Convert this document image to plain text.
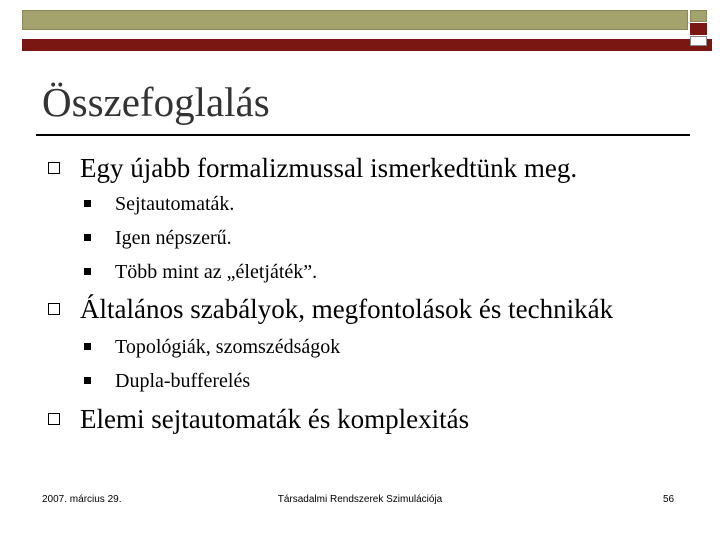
Összefoglalás
Egy újabb formalizmussal ismerkedtünk meg.
Sejtautomaták.
Igen népszerű.
Több mint az „életjáték”.
Általános szabályok, megfontolások és technikák
Topológiák, szomszédságok
Dupla-bufferelés
Elemi sejtautomaták és komplexitás
2007. március 29.	Társadalmi Rendszerek Szimulációja	56
